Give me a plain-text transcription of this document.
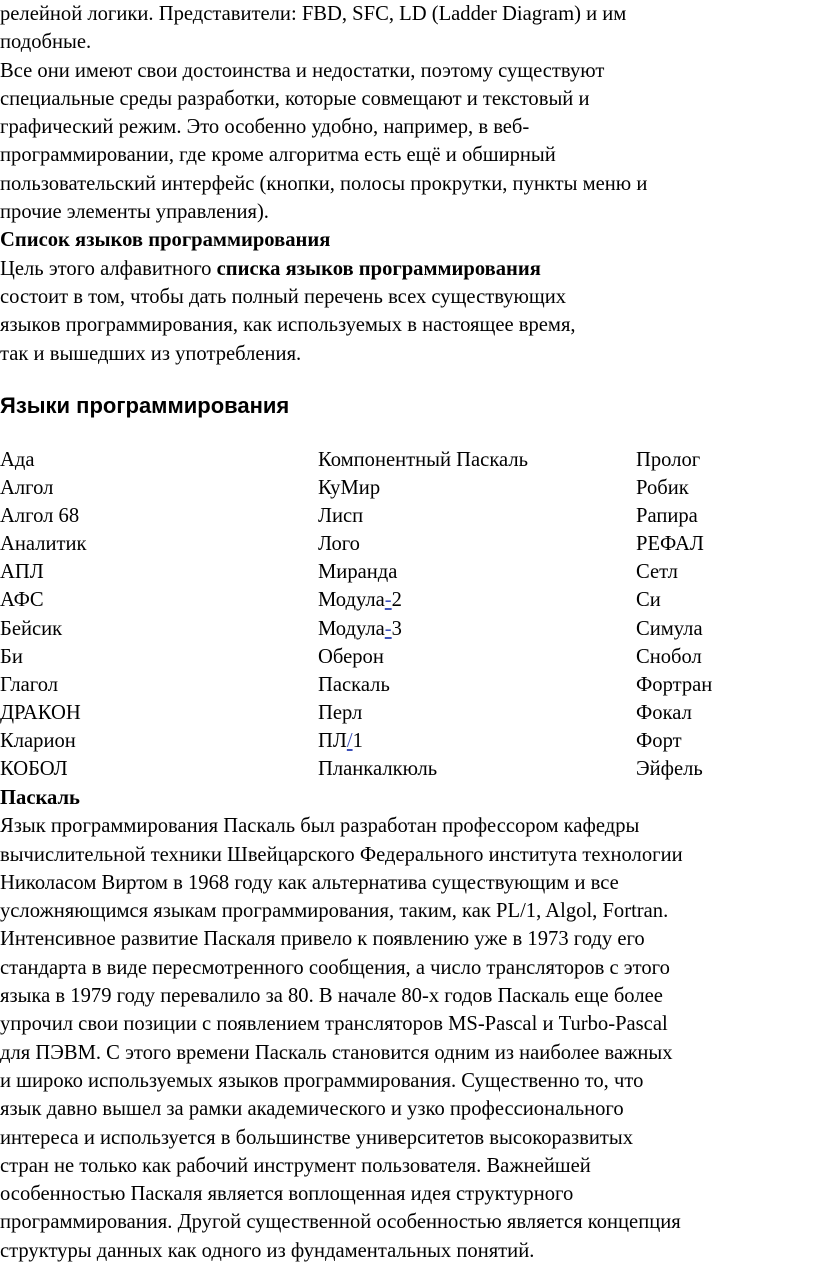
релейной логики. Представители: FBD, SFC, LD (Ladder Diagram) и им
подобные.
Все они имеют свои достоинства и недостатки, поэтому существуют
специальные среды разработки, которые совмещают и текстовый и
графический режим. Это особенно удобно, например, в веб-
программировании, где кроме алгоритма есть ещё и обширный
пользовательский интерфейс (кнопки, полосы прокрутки, пункты меню и
прочие элементы управления).
Список языков программирования
Цель этого алфавитного списка языков программирования
состоит в том, чтобы дать полный перечень всех существующих
языков программирования, как используемых в настоящее время,
так и вышедших из употребления.
Языки программирования
Ада	Компонентный Паскаль	Пролог
Алгол	КуМир	Робик
Алгол 68	Лисп	Рапира
Аналитик	Лого	РЕФАЛ
АПЛ	Миранда	Сетл
АФС	Модула-2	Си
Бейсик	Модула-3	Симула
Би	Оберон	Снобол
Глагол	Паскаль	Фортран
ДРАКОН	Перл	Фокал
Кларион	ПЛ/1	Форт
КОБОЛ	Планкалкюль	Эйфель
Паскаль
Язык программирования Паскаль был разработан профессором кафедры
вычислительной техники Швейцарского Федерального института технологии
Николасом Виртом в 1968 году как альтернатива существующим и все
усложняющимся языкам программирования, таким, как PL/1, Algol, Fortran.
Интенсивное развитие Паскаля привело к появлению уже в 1973 году его
стандарта в виде пересмотренного сообщения, а число трансляторов с этого
языка в 1979 году перевалило за 80. В начале 80-х годов Паскаль еще более
упрочил свои позиции с появлением трансляторов MS-Pascal и Turbo-Pascal
для ПЭВМ. С этого времени Паскаль становится одним из наиболее важных
и широко используемых языков программирования. Существенно то, что
язык давно вышел за рамки академического и узко профессионального
интереса и используется в большинстве университетов высокоразвитых
стран не только как рабочий инструмент пользователя. Важнейшей
особенностью Паскаля является воплощенная идея структурного
программирования. Другой существенной особенностью является концепция
структуры данных как одного из фундаментальных понятий.
